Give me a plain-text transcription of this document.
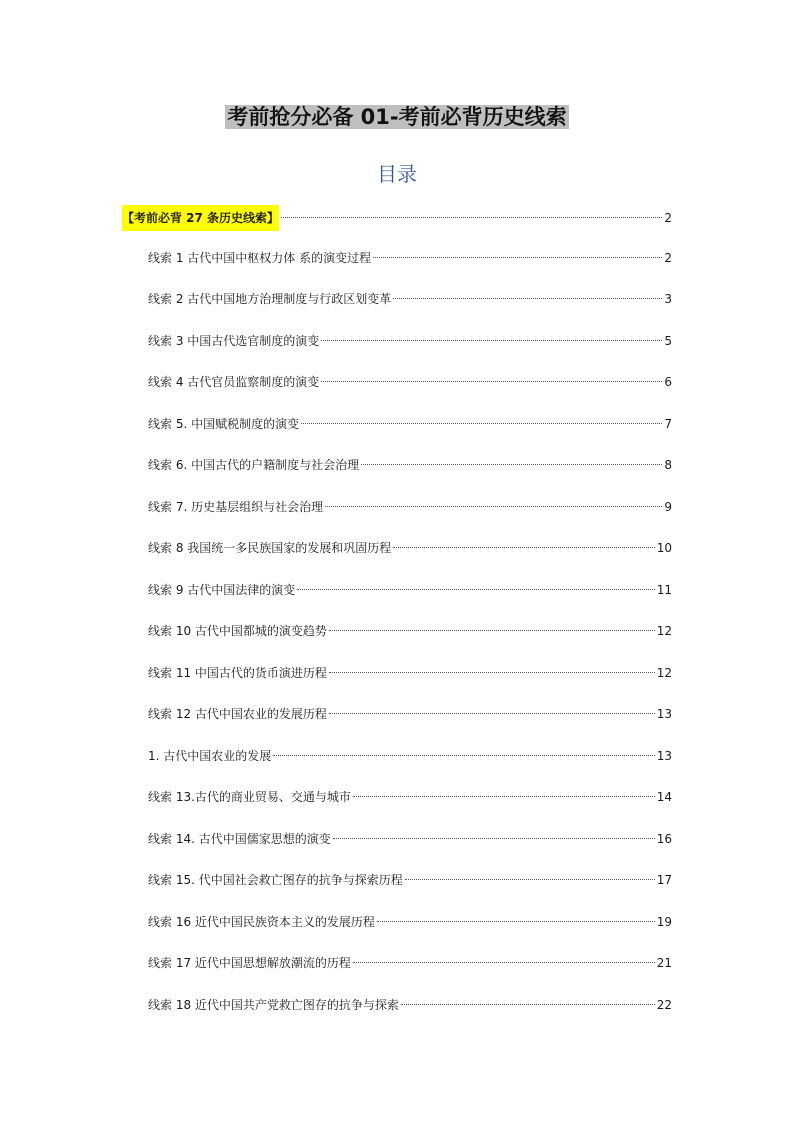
考前抢分必备 01-考前必背历史线索
目录
【考前必背 27 条历史线索】	2
线索 1 古代中国中枢权力体 系的演变过程	2
线索 2 古代中国地方治理制度与行政区划变革	3
线索 3 中国古代选官制度的演变	5
线索 4 古代官员监察制度的演变	6
线索 5. 中国赋税制度的演变	7
线索 6. 中国古代的户籍制度与社会治理	8
线索 7. 历史基层组织与社会治理	9
线索 8 我国统一多民族国家的发展和巩固历程	10
线索 9 古代中国法律的演变	11
线索 10 古代中国都城的演变趋势	12
线索 11 中国古代的货币演进历程	12
线索 12 古代中国农业的发展历程	13
1. 古代中国农业的发展	13
线索 13.古代的商业贸易、交通与城市	14
线索 14. 古代中国儒家思想的演变	16
线索 15. 代中国社会救亡图存的抗争与探索历程	17
线索 16 近代中国民族资本主义的发展历程	19
线索 17 近代中国思想解放潮流的历程	21
线索 18 近代中国共产党救亡图存的抗争与探索	22
